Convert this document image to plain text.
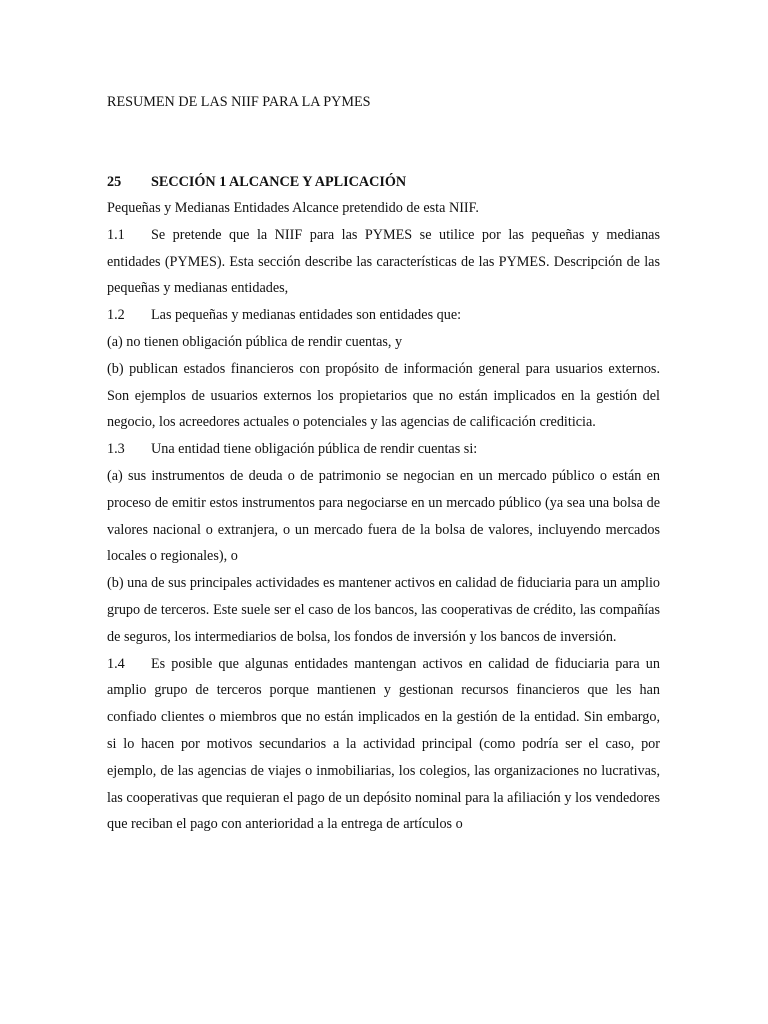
RESUMEN DE LAS NIIF PARA LA PYMES
25	SECCIÓN 1 ALCANCE Y APLICACIÓN

Pequeñas y Medianas Entidades Alcance pretendido de esta NIIF.

1.1 Se pretende que la NIIF para las PYMES se utilice por las pequeñas y medianas entidades (PYMES). Esta sección describe las características de las PYMES. Descripción de las pequeñas y medianas entidades,

1.2 Las pequeñas y medianas entidades son entidades que:

(a) no tienen obligación pública de rendir cuentas, y

(b) publican estados financieros con propósito de información general para usuarios externos. Son ejemplos de usuarios externos los propietarios que no están implicados en la gestión del negocio, los acreedores actuales o potenciales y las agencias de calificación crediticia.

1.3 Una entidad tiene obligación pública de rendir cuentas si:

(a) sus instrumentos de deuda o de patrimonio se negocian en un mercado público o están en proceso de emitir estos instrumentos para negociarse en un mercado público (ya sea una bolsa de valores nacional o extranjera, o un mercado fuera de la bolsa de valores, incluyendo mercados locales o regionales), o

(b) una de sus principales actividades es mantener activos en calidad de fiduciaria para un amplio grupo de terceros. Este suele ser el caso de los bancos, las cooperativas de crédito, las compañías de seguros, los intermediarios de bolsa, los fondos de inversión y los bancos de inversión.

1.4 Es posible que algunas entidades mantengan activos en calidad de fiduciaria para un amplio grupo de terceros porque mantienen y gestionan recursos financieros que les han confiado clientes o miembros que no están implicados en la gestión de la entidad. Sin embargo, si lo hacen por motivos secundarios a la actividad principal (como podría ser el caso, por ejemplo, de las agencias de viajes o inmobiliarias, los colegios, las organizaciones no lucrativas, las cooperativas que requieran el pago de un depósito nominal para la afiliación y los vendedores que reciban el pago con anterioridad a la entrega de artículos o
